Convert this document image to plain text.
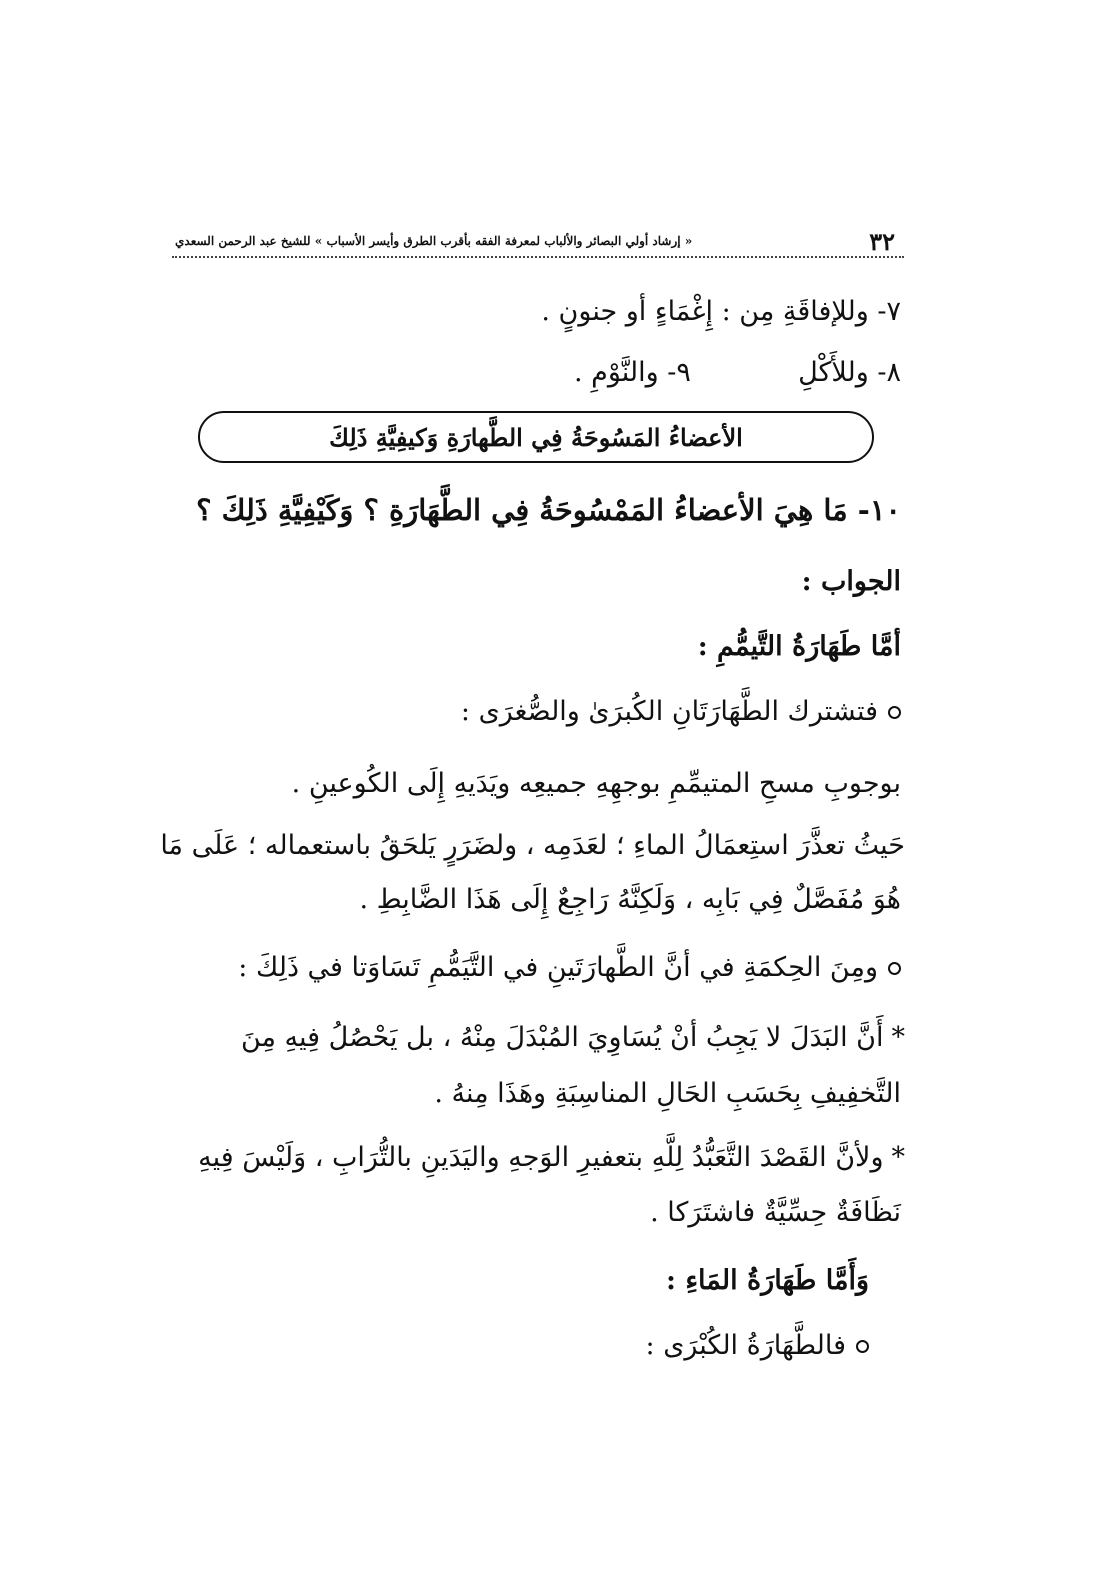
٣٢
« إرشاد أولي البصائر والألباب لمعرفة الفقه بأقرب الطرق وأيسر الأسباب » للشيخ عبد الرحمن السعدي
٧- وللإفاقَةِ مِن : إِغْمَاءٍ أو جنونٍ .
٨- وللأَكْلِ  ٩- والنَّوْمِ .
الأعضاءُ المَسُوحَةُ فِي الطَّهارَةِ وَكيفِيَّةِ ذَلِكَ
١٠- مَا هِيَ الأعضاءُ المَمْسُوحَةُ فِي الطَّهَارَةِ ؟ وَكَيْفِيَّةِ ذَلِكَ ؟
الجواب :
أمَّا طَهَارَةُ التَّيمُّمِ :
فتشترك الطَّهَارَتَانِ الكُبرَىٰ والصُّغرَى :
بوجوبِ مسحِ المتيمِّمِ بوجهِهِ جميعِه ويَدَيهِ إِلَى الكُوعينِ .
حَيثُ تعذَّرَ استِعمَالُ الماءِ ؛ لعَدَمِه ، ولضَرَرٍ يَلحَقُ باستعماله ؛ عَلَى مَا
هُوَ مُفَصَّلٌ فِي بَابِه ، وَلَكِنَّهُ رَاجِعٌ إِلَى هَذَا الضَّابِطِ .
ومِنَ الحِكمَةِ في أنَّ الطَّهارَتَينِ في التَّيَمُّمِ تَسَاوَتا في ذَلِكَ :
*أَنَّ البَدَلَ لا يَجِبُ أنْ يُسَاوِيَ المُبْدَلَ مِنْهُ ، بل يَحْصُلُ فِيهِ مِنَ
التَّخفِيفِ بِحَسَبِ الحَالِ المناسِبَةِ وهَذَا مِنهُ .
*ولأنَّ القَصْدَ التَّعَبُّدُ لِلَّهِ بتعفيرِ الوَجهِ واليَدَينِ بالتُّرَابِ ، وَلَيْسَ فِيهِ
نَظَافَةٌ حِسِّيَّةٌ فاشتَرَكا .
وَأَمَّا طَهَارَةُ المَاءِ :
فالطَّهَارَةُ الكُبْرَى :
